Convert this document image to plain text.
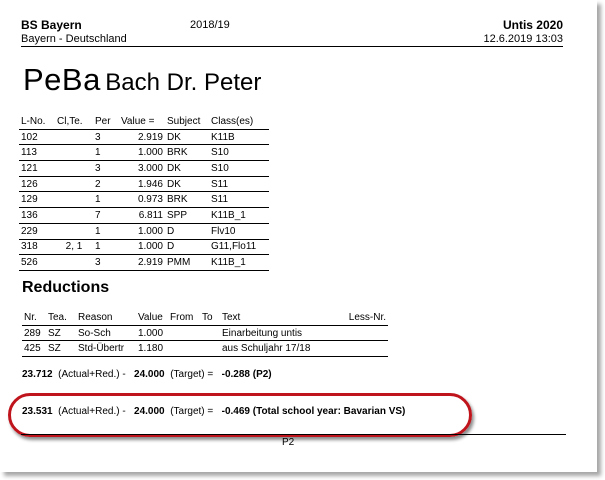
BS Bayern
Bayern - Deutschland
2018/19	Untis 2020
12.6.2019 13:03
PeBa Bach Dr. Peter
L-No.	Cl,Te.	Per	Value =	Subject	Class(es)
102		3	2.919	DK	K11B
113		1	1.000	BRK	S10
121		3	3.000	DK	S10
126		2	1.946	DK	S11
129		1	0.973	BRK	S11
136		7	6.811	SPP	K11B_1
229		1	1.000	D	Flv10
318	2, 1	1	1.000	D	G11,Flo11
526		3	2.919	PMM	K11B_1
Reductions
Nr.	Tea.	Reason	Value	From	To	Text	Less-Nr.
289	SZ	So-Sch	1.000			Einarbeitung untis	
425	SZ	Std-Übertr	1.180			aus Schuljahr 17/18	
23.712 (Actual+Red.) - 24.000 (Target) = -0.288 (P2)
23.531 (Actual+Red.) - 24.000 (Target) = -0.469 (Total school year: Bavarian VS)
P2
